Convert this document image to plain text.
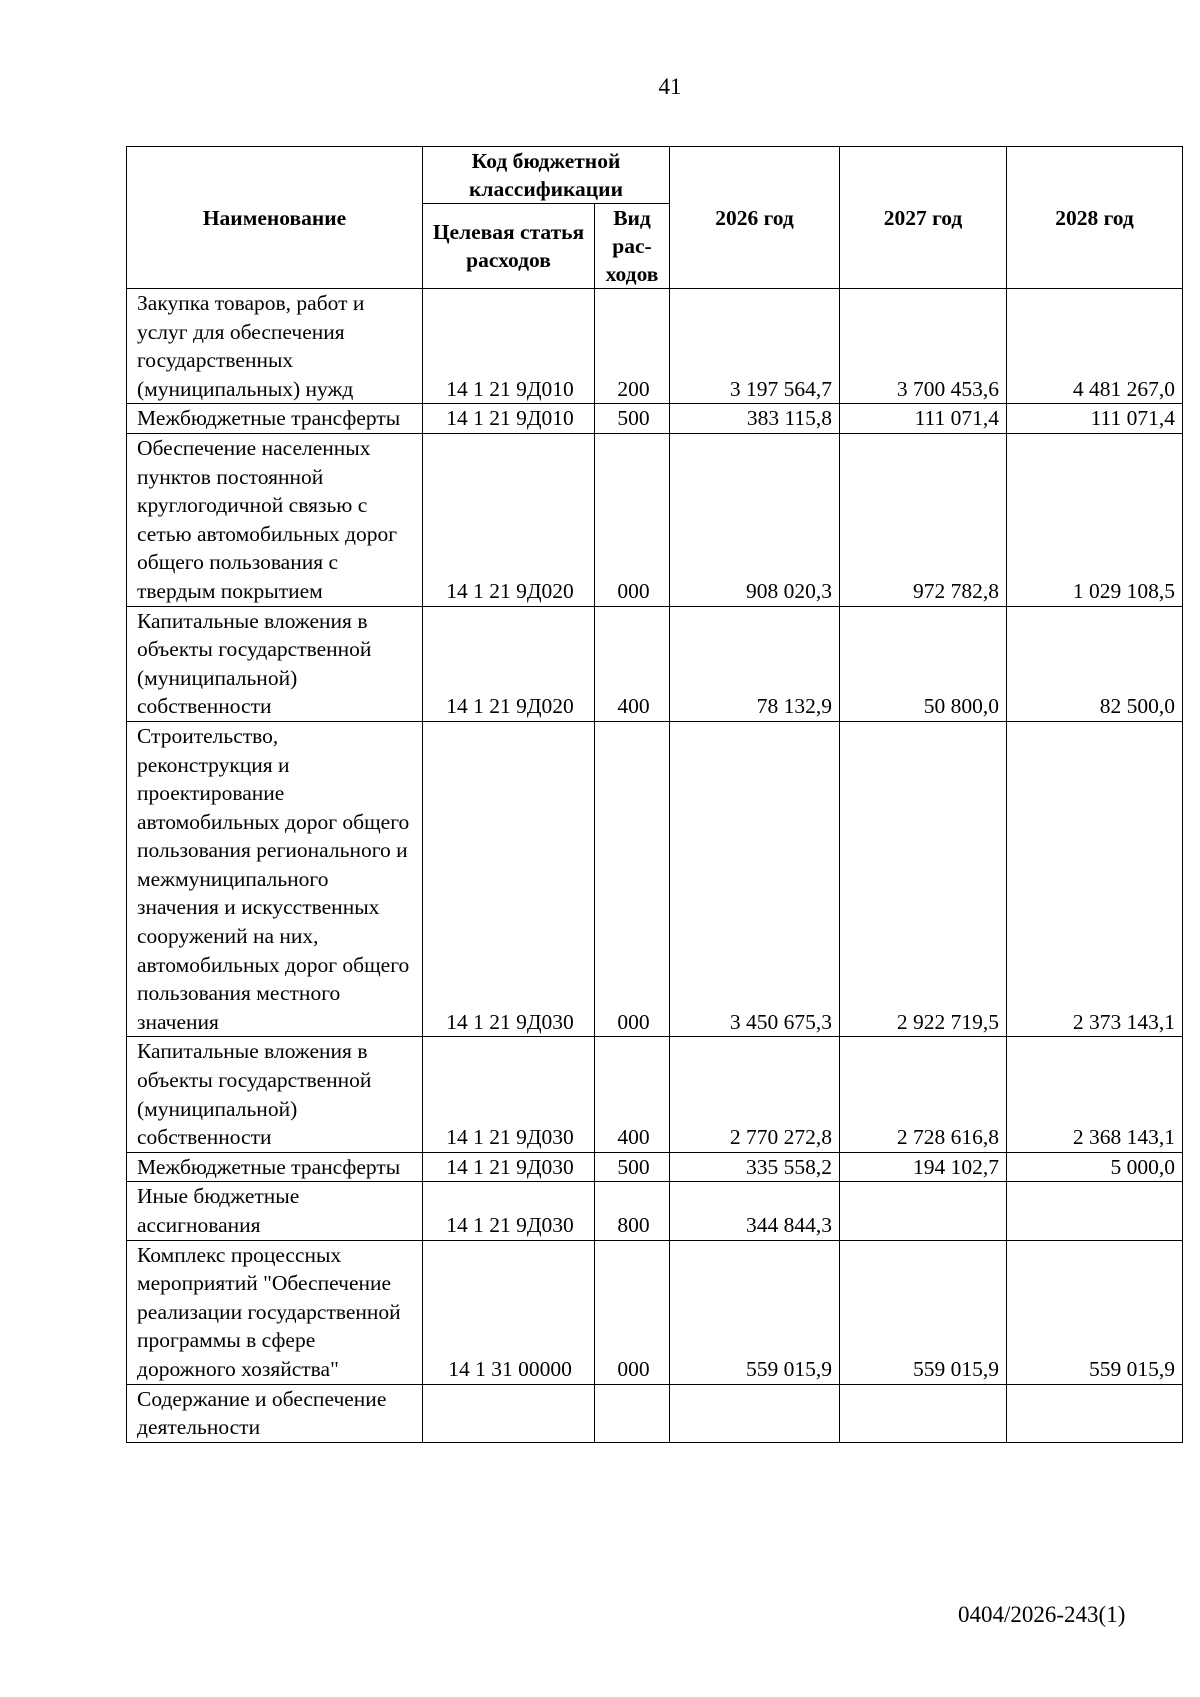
41
Наименование	Код бюджетной классификации		2026 год	2027 год	2028 год
	Целевая статья расходов	Вид рас-ходов			
Закупка товаров, работ и услуг для обеспечения государственных (муниципальных) нужд	14 1 21 9Д010	200	3 197 564,7	3 700 453,6	4 481 267,0
Межбюджетные трансферты	14 1 21 9Д010	500	383 115,8	111 071,4	111 071,4
Обеспечение населенных пунктов постоянной круглогодичной связью с сетью автомобильных дорог общего пользования с твердым покрытием	14 1 21 9Д020	000	908 020,3	972 782,8	1 029 108,5
Капитальные вложения в объекты государственной (муниципальной) собственности	14 1 21 9Д020	400	78 132,9	50 800,0	82 500,0
Строительство, реконструкция и проектирование автомобильных дорог общего пользования регионального и межмуниципального значения и искусственных сооружений на них, автомобильных дорог общего пользования местного значения	14 1 21 9Д030	000	3 450 675,3	2 922 719,5	2 373 143,1
Капитальные вложения в объекты государственной (муниципальной) собственности	14 1 21 9Д030	400	2 770 272,8	2 728 616,8	2 368 143,1
Межбюджетные трансферты	14 1 21 9Д030	500	335 558,2	194 102,7	5 000,0
Иные бюджетные ассигнования	14 1 21 9Д030	800	344 844,3		
Комплекс процессных мероприятий "Обеспечение реализации государственной программы в сфере дорожного хозяйства"	14 1 31 00000	000	559 015,9	559 015,9	559 015,9
Содержание и обеспечение деятельности					
0404/2026-243(1)
